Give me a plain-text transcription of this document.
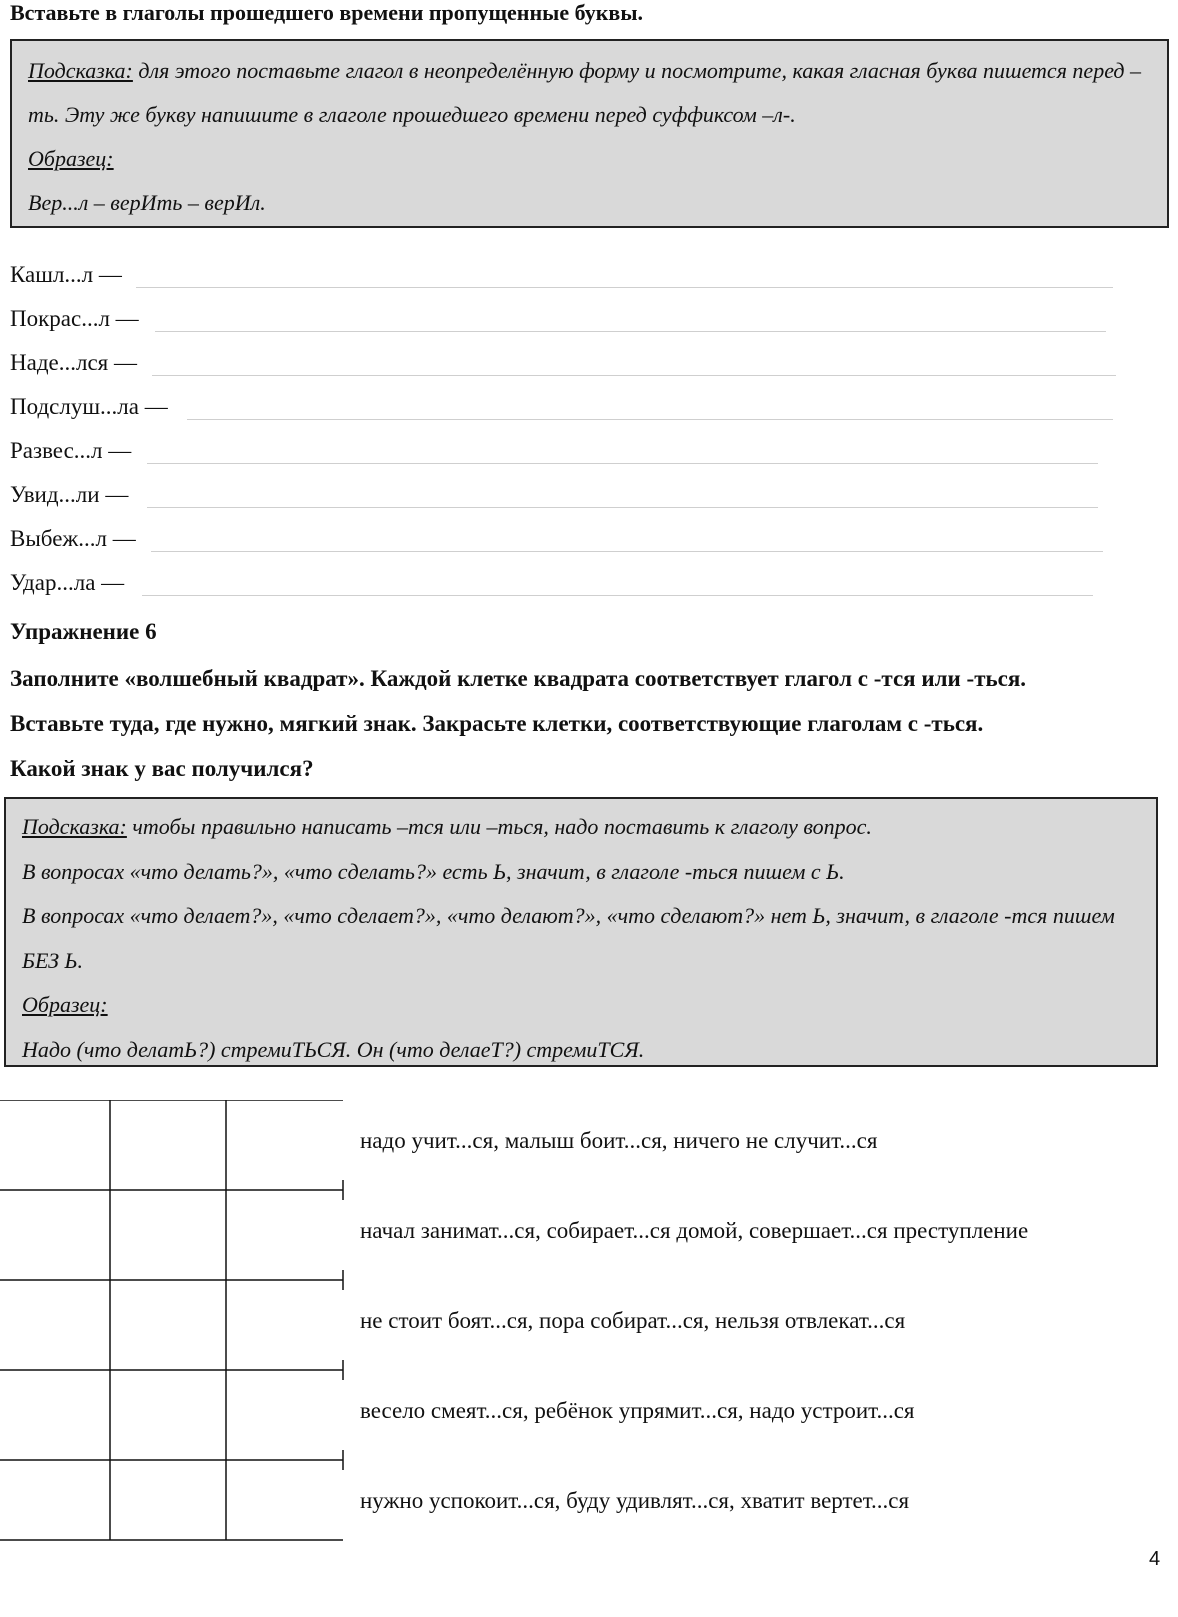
Вставьте в глаголы прошедшего времени пропущенные буквы.

Подсказка: для этого поставьте глагол в неопределённую форму и посмотрите, какая гласная буква пишется перед –ть. Эту же букву напишите в глаголе прошедшего времени перед суффиксом –л-.

Образец:

Вер...л – верИть – верИл.

Кашл...л —
Покрас...л —
Наде...лся —
Подслуш...ла —
Развес...л —
Увид...ли —
Выбеж...л —
Удар...ла —
Упражнение 6

Заполните «волшебный квадрат». Каждой клетке квадрата соответствует глагол с -тся или -ться.

Вставьте туда, где нужно, мягкий знак. Закрасьте клетки, соответствующие глаголам с -ться.

Какой знак у вас получился?

Подсказка: чтобы правильно написать –тся или –ться, надо поставить к глаголу вопрос.

В вопросах «что делать?», «что сделать?» есть Ь, значит, в глаголе -ться пишем с Ь.

В вопросах «что делает?», «что сделает?», «что делают?», «что сделают?» нет Ь, значит, в глаголе -тся пишем БЕЗ Ь.

Образец:

Надо (что делатЬ?) стремиТЬСЯ. Он (что делаеТ?) стремиТСЯ.

надо учит...ся, малыш боит...ся, ничего не случит...ся
начал занимат...ся, собирает...ся домой, совершает...ся преступление
не стоит боят...ся, пора собират...ся, нельзя отвлекат...ся
весело смеят...ся, ребёнок упрямит...ся, надо устроит...ся
нужно успокоит...ся, буду удивлят...ся, хватит вертет...ся
4
